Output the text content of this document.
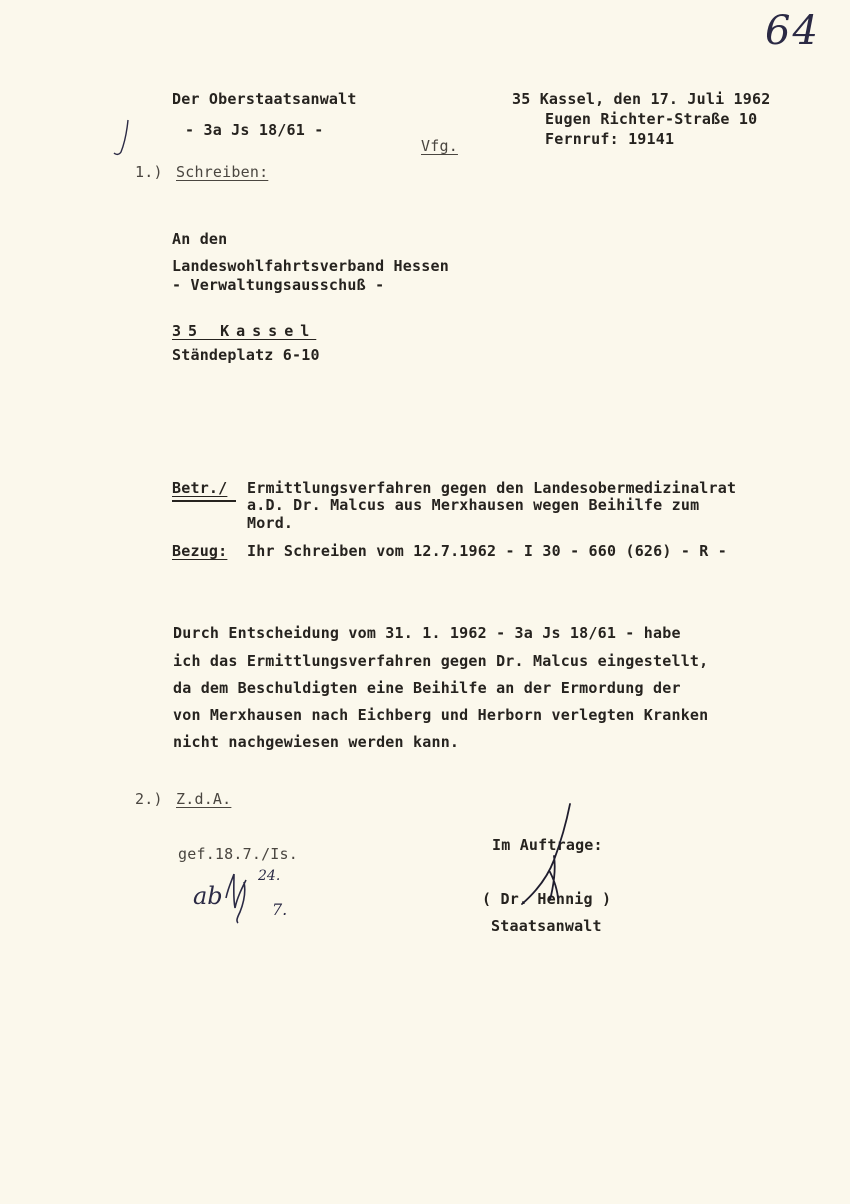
64
Der Oberstaatsanwalt
- 3a Js 18/61 -
35 Kassel, den 17. Juli 1962
Eugen Richter-Straße 10
Fernruf: 19141
Vfg.
1.) Schreiben:
An den
Landeswohlfahrtsverband Hessen
- Verwaltungsausschuß -
35 Kassel
Ständeplatz 6-10
Betr./ Ermittlungsverfahren gegen den Landesobermedizinalrat
a.D. Dr. Malcus aus Merxhausen wegen Beihilfe zum
Mord.
Bezug: Ihr Schreiben vom 12.7.1962 - I 30 - 660 (626) - R -
Durch Entscheidung vom 31. 1. 1962 - 3a Js 18/61 - habe
ich das Ermittlungsverfahren gegen Dr. Malcus eingestellt,
da dem Beschuldigten eine Beihilfe an der Ermordung der
von Merxhausen nach Eichberg und Herborn verlegten Kranken
nicht nachgewiesen werden kann.
2.) Z.d.A.
gef.18.7./Is.
ab
24.
7.
Im Auftrage:
( Dr. Hennig )
Staatsanwalt
